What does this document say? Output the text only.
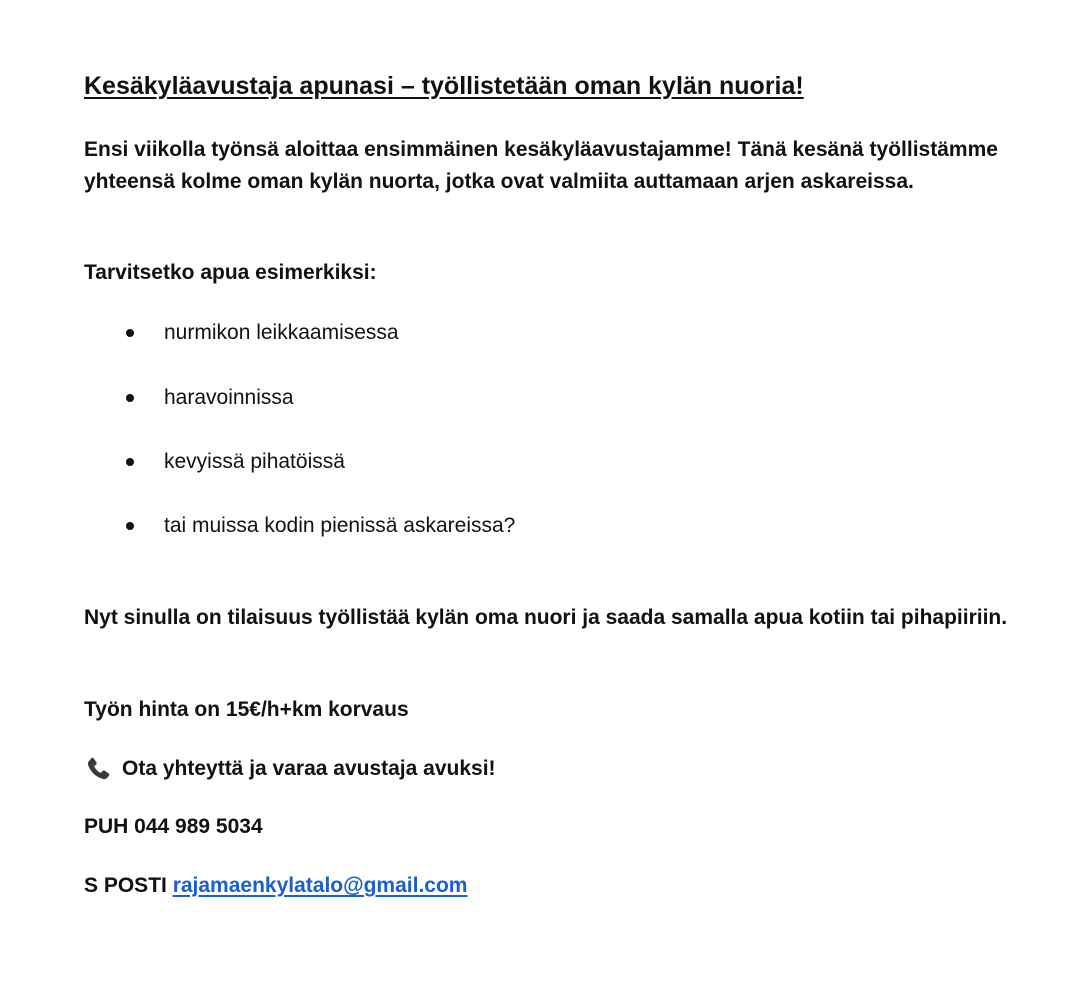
Kesäkyläavustaja apunasi – työllistetään oman kylän nuoria!
Ensi viikolla työnsä aloittaa ensimmäinen kesäkyläavustajamme! Tänä kesänä työllistämme yhteensä kolme oman kylän nuorta, jotka ovat valmiita auttamaan arjen askareissa.
Tarvitsetko apua esimerkiksi:
nurmikon leikkaamisessa
haravoinnissa
kevyissä pihatöissä
tai muissa kodin pienissä askareissa?
Nyt sinulla on tilaisuus työllistää kylän oma nuori ja saada samalla apua kotiin tai pihapiiriin.
Työn hinta on 15€/h+km korvaus
Ota yhteyttä ja varaa avustaja avuksi!
PUH 044 989 5034
S POSTI rajamaenkylatalo@gmail.com
